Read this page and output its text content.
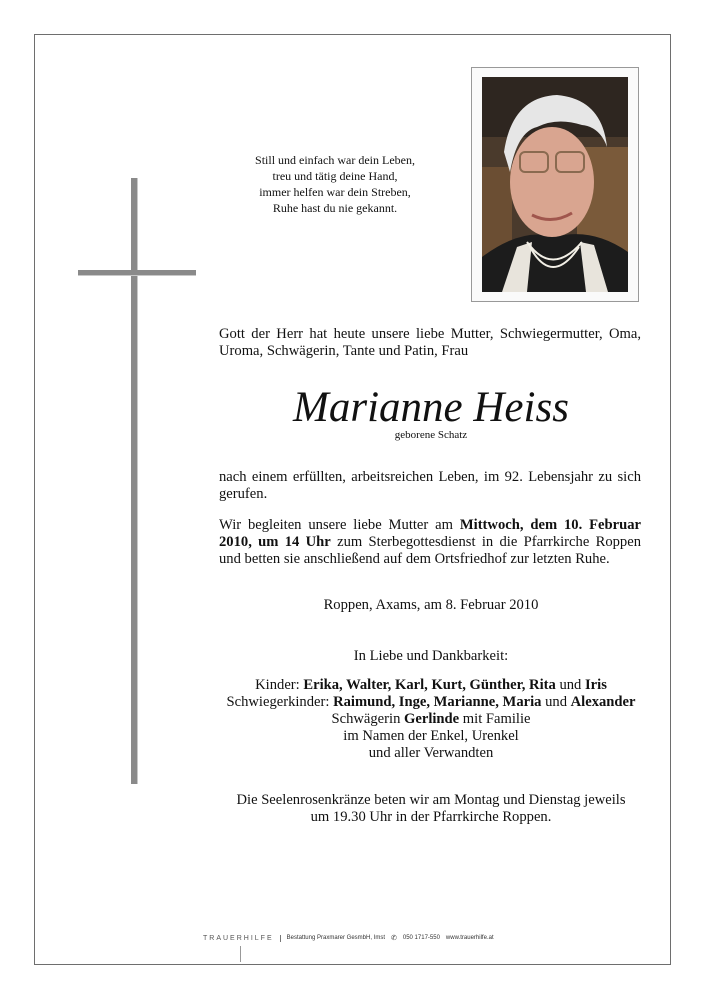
Still und einfach war dein Leben,
treu und tätig deine Hand,
immer helfen war dein Streben,
Ruhe hast du nie gekannt.
Gott der Herr hat heute unsere liebe Mutter, Schwiegermutter, Oma,
Uroma, Schwägerin, Tante und Patin, Frau
Marianne Heiss
geborene Schatz
nach einem erfüllten, arbeitsreichen Leben, im 92. Lebensjahr zu sich
gerufen.
Wir begleiten unsere liebe Mutter am Mittwoch, dem 10. Februar
2010, um 14 Uhr zum Sterbegottesdienst in die Pfarrkirche Roppen
und betten sie anschließend auf dem Ortsfriedhof zur letzten Ruhe.
Roppen, Axams, am 8. Februar 2010
In Liebe und Dankbarkeit:
Kinder: Erika, Walter, Karl, Kurt, Günther, Rita und Iris
Schwiegerkinder: Raimund, Inge, Marianne, Maria und Alexander
Schwägerin Gerlinde mit Familie
im Namen der Enkel, Urenkel
und aller Verwandten
Die Seelenrosenkränze beten wir am Montag und Dienstag jeweils
um 19.30 Uhr in der Pfarrkirche Roppen.
TRAUERHILFE	Bestattung Praxmarer GesmbH, Imst ✆ 050 1717-550 www.trauerhilfe.at
